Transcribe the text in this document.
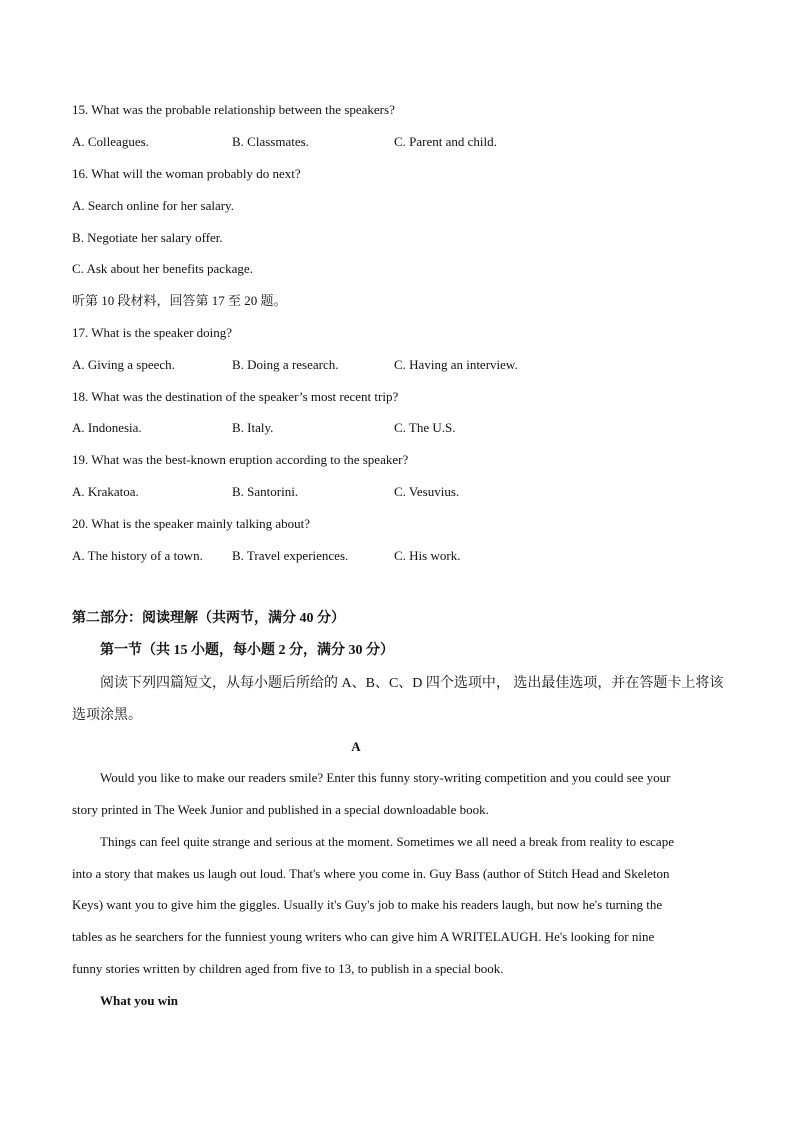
15. What was the probable relationship between the speakers?
A. Colleagues.	B. Classmates.	C. Parent and child.
16. What will the woman probably do next?
A. Search online for her salary.
B. Negotiate her salary offer.
C. Ask about her benefits package.
听第 10 段材料，回答第 17 至 20 题。
17. What is the speaker doing?
A. Giving a speech.	B. Doing a research.	C. Having an interview.
18. What was the destination of the speaker’s most recent trip?
A. Indonesia.	B. Italy.	C. The U.S.
19. What was the best-known eruption according to the speaker?
A. Krakatoa.	B. Santorini.	C. Vesuvius.
20. What is the speaker mainly talking about?
A. The history of a town. B. Travel experiences.	C. His work.
第二部分：阅读理解（共两节，满分 40 分）
第一节（共 15 小题，每小题 2 分，满分 30 分）
阅读下列四篇短文，从每小题后所给的 A、B、C、D 四个选项中， 选出最佳选项，并在答题卡上将该
选项涂黑。
A
Would you like to make our readers smile? Enter this funny story-writing competition and you could see your
story printed in The Week Junior and published in a special downloadable book.
Things can feel quite strange and serious at the moment. Sometimes we all need a break from reality to escape
into a story that makes us laugh out loud. That's where you come in. Guy Bass (author of Stitch Head and Skeleton
Keys) want you to give him the giggles. Usually it's Guy's job to make his readers laugh, but now he's turning the
tables as he searchers for the funniest young writers who can give him A WRITELAUGH. He's looking for nine
funny stories written by children aged from five to 13, to publish in a special book.
What you win
